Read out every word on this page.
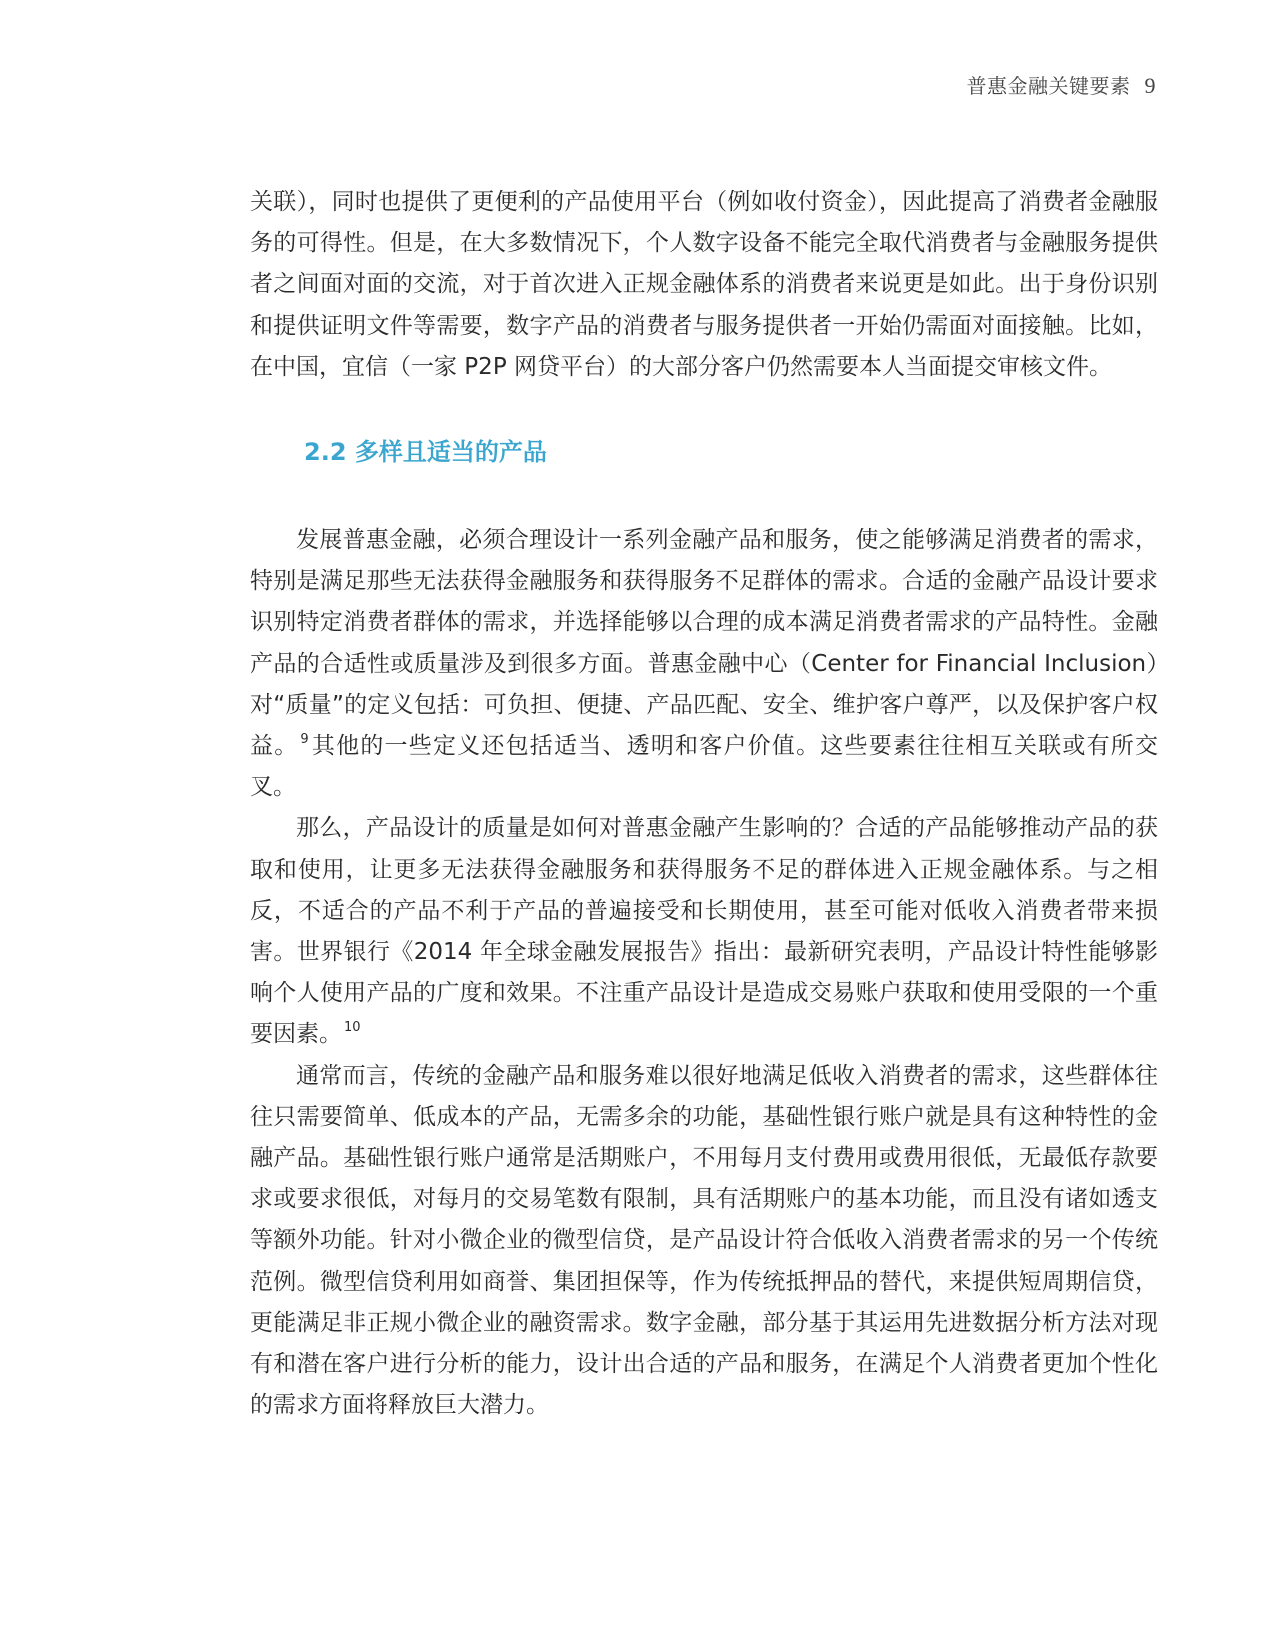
普惠金融关键要素 9

关联），同时也提供了更便利的产品使用平台（例如收付资金），因此提高了消费者金融服务的可得性。但是，在大多数情况下，个人数字设备不能完全取代消费者与金融服务提供者之间面对面的交流，对于首次进入正规金融体系的消费者来说更是如此。出于身份识别和提供证明文件等需要，数字产品的消费者与服务提供者一开始仍需面对面接触。比如，在中国，宜信（一家 P2P 网贷平台）的大部分客户仍然需要本人当面提交审核文件。

2.2 多样且适当的产品

发展普惠金融，必须合理设计一系列金融产品和服务，使之能够满足消费者的需求，特别是满足那些无法获得金融服务和获得服务不足群体的需求。合适的金融产品设计要求识别特定消费者群体的需求，并选择能够以合理的成本满足消费者需求的产品特性。金融产品的合适性或质量涉及到很多方面。普惠金融中心（Center for Financial Inclusion）对“质量”的定义包括：可负担、便捷、产品匹配、安全、维护客户尊严，以及保护客户权益。 $^9$其他的一些定义还包括适当、透明和客户价值。这些要素往往相互关联或有所交叉。

那么，产品设计的质量是如何对普惠金融产生影响的？合适的产品能够推动产品的获取和使用，让更多无法获得金融服务和获得服务不足的群体进入正规金融体系。与之相反，不适合的产品不利于产品的普遍接受和长期使用，甚至可能对低收入消费者带来损害。世界银行《2014 年全球金融发展报告》指出：最新研究表明，产品设计特性能够影响个人使用产品的广度和效果。不注重产品设计是造成交易账户获取和使用受限的一个重要因素。 $^{10}$

通常而言，传统的金融产品和服务难以很好地满足低收入消费者的需求，这些群体往往只需要简单、低成本的产品，无需多余的功能，基础性银行账户就是具有这种特性的金融产品。基础性银行账户通常是活期账户，不用每月支付费用或费用很低，无最低存款要求或要求很低，对每月的交易笔数有限制，具有活期账户的基本功能，而且没有诸如透支等额外功能。针对小微企业的微型信贷，是产品设计符合低收入消费者需求的另一个传统范例。微型信贷利用如商誉、集团担保等，作为传统抵押品的替代，来提供短周期信贷，更能满足非正规小微企业的融资需求。数字金融，部分基于其运用先进数据分析方法对现有和潜在客户进行分析的能力，设计出合适的产品和服务，在满足个人消费者更加个性化的需求方面将释放巨大潜力。
